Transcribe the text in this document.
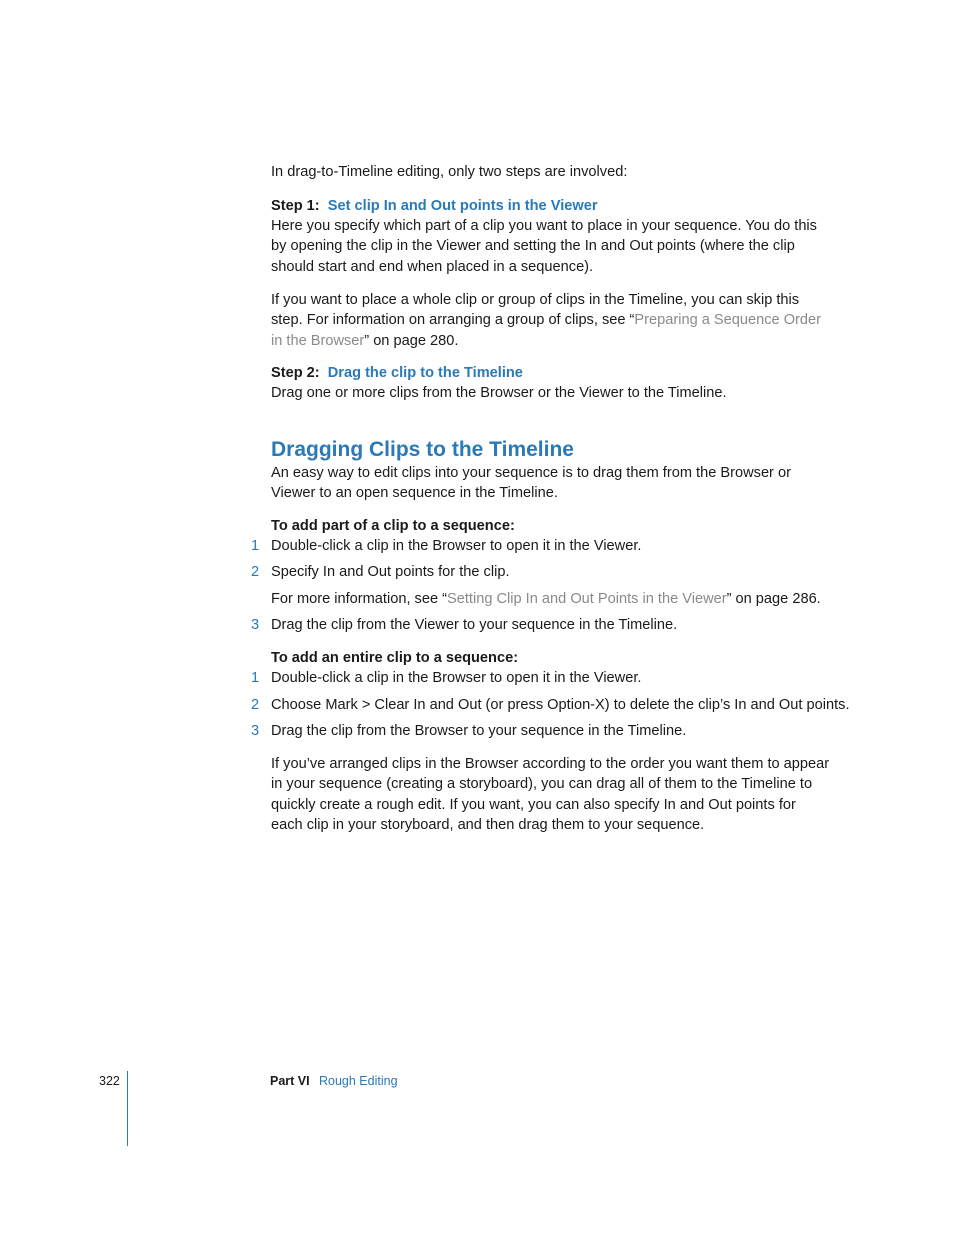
In drag-to-Timeline editing, only two steps are involved:

Step 1: Set clip In and Out points in the Viewer

Here you specify which part of a clip you want to place in your sequence. You do this by opening the clip in the Viewer and setting the In and Out points (where the clip should start and end when placed in a sequence).

If you want to place a whole clip or group of clips in the Timeline, you can skip this step. For information on arranging a group of clips, see “Preparing a Sequence Order in the Browser” on page 280.

Step 2: Drag the clip to the Timeline

Drag one or more clips from the Browser or the Viewer to the Timeline.

Dragging Clips to the Timeline

An easy way to edit clips into your sequence is to drag them from the Browser or Viewer to an open sequence in the Timeline.

To add part of a clip to a sequence:

1 Double-click a clip in the Browser to open it in the Viewer.
2 Specify In and Out points for the clip.
For more information, see “Setting Clip In and Out Points in the Viewer” on page 286.
3 Drag the clip from the Viewer to your sequence in the Timeline.

To add an entire clip to a sequence:

1 Double-click a clip in the Browser to open it in the Viewer.
2 Choose Mark > Clear In and Out (or press Option-X) to delete the clip’s In and Out points.
3 Drag the clip from the Browser to your sequence in the Timeline.

If you’ve arranged clips in the Browser according to the order you want them to appear in your sequence (creating a storyboard), you can drag all of them to the Timeline to quickly create a rough edit. If you want, you can also specify In and Out points for each clip in your storyboard, and then drag them to your sequence.

322	Part VI Rough Editing
